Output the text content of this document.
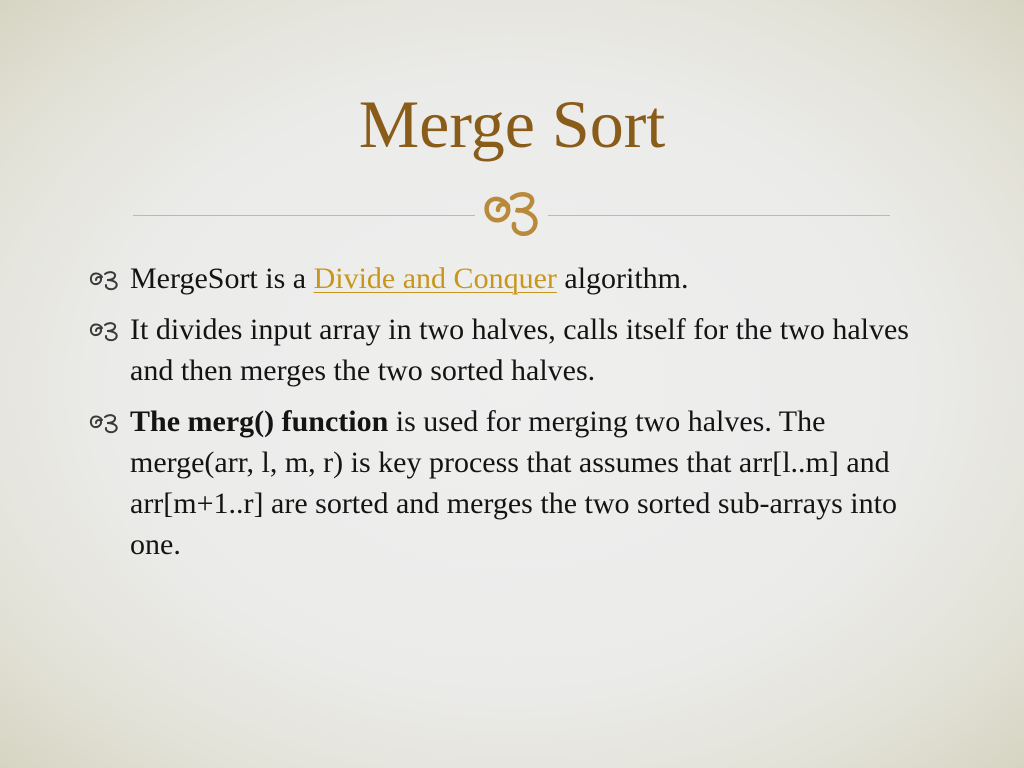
Merge Sort
MergeSort is a Divide and Conquer algorithm.
It divides input array in two halves, calls itself for the two halves and then merges the two sorted halves.
The merg() function is used for merging two halves. The merge(arr, l, m, r) is key process that assumes that arr[l..m] and arr[m+1..r] are sorted and merges the two sorted sub-arrays into one.
